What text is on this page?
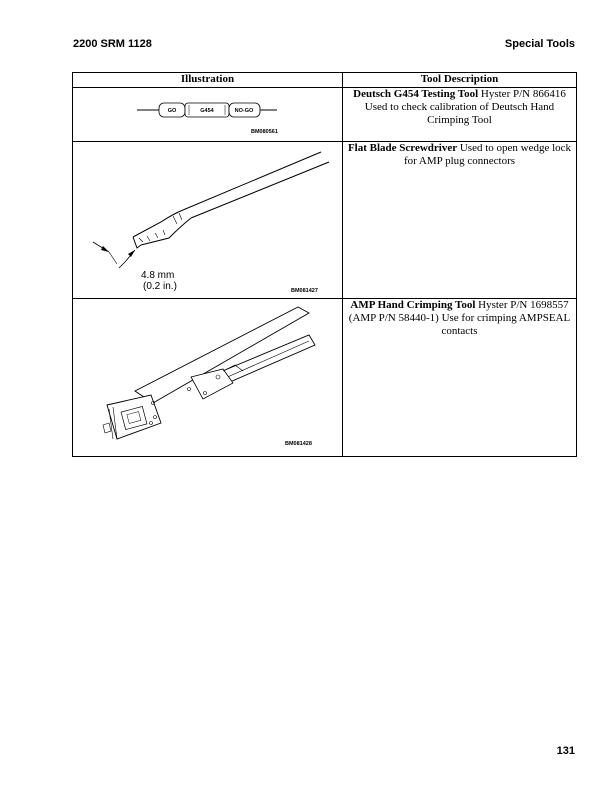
2200 SRM 1128	Special Tools
Illustration	Tool Description

GO G454 NO-GO
BM080561	Deutsch G454 Testing Tool Hyster P/N 866416 Used to check calibration of Deutsch Hand Crimping Tool

4.8 mm
(0.2 in.) BM081427	Flat Blade Screwdriver Used to open wedge lock for AMP plug connectors

BM081428	AMP Hand Crimping Tool Hyster P/N 1698557 (AMP P/N 58440-1) Use for crimping AMPSEAL contacts
131
